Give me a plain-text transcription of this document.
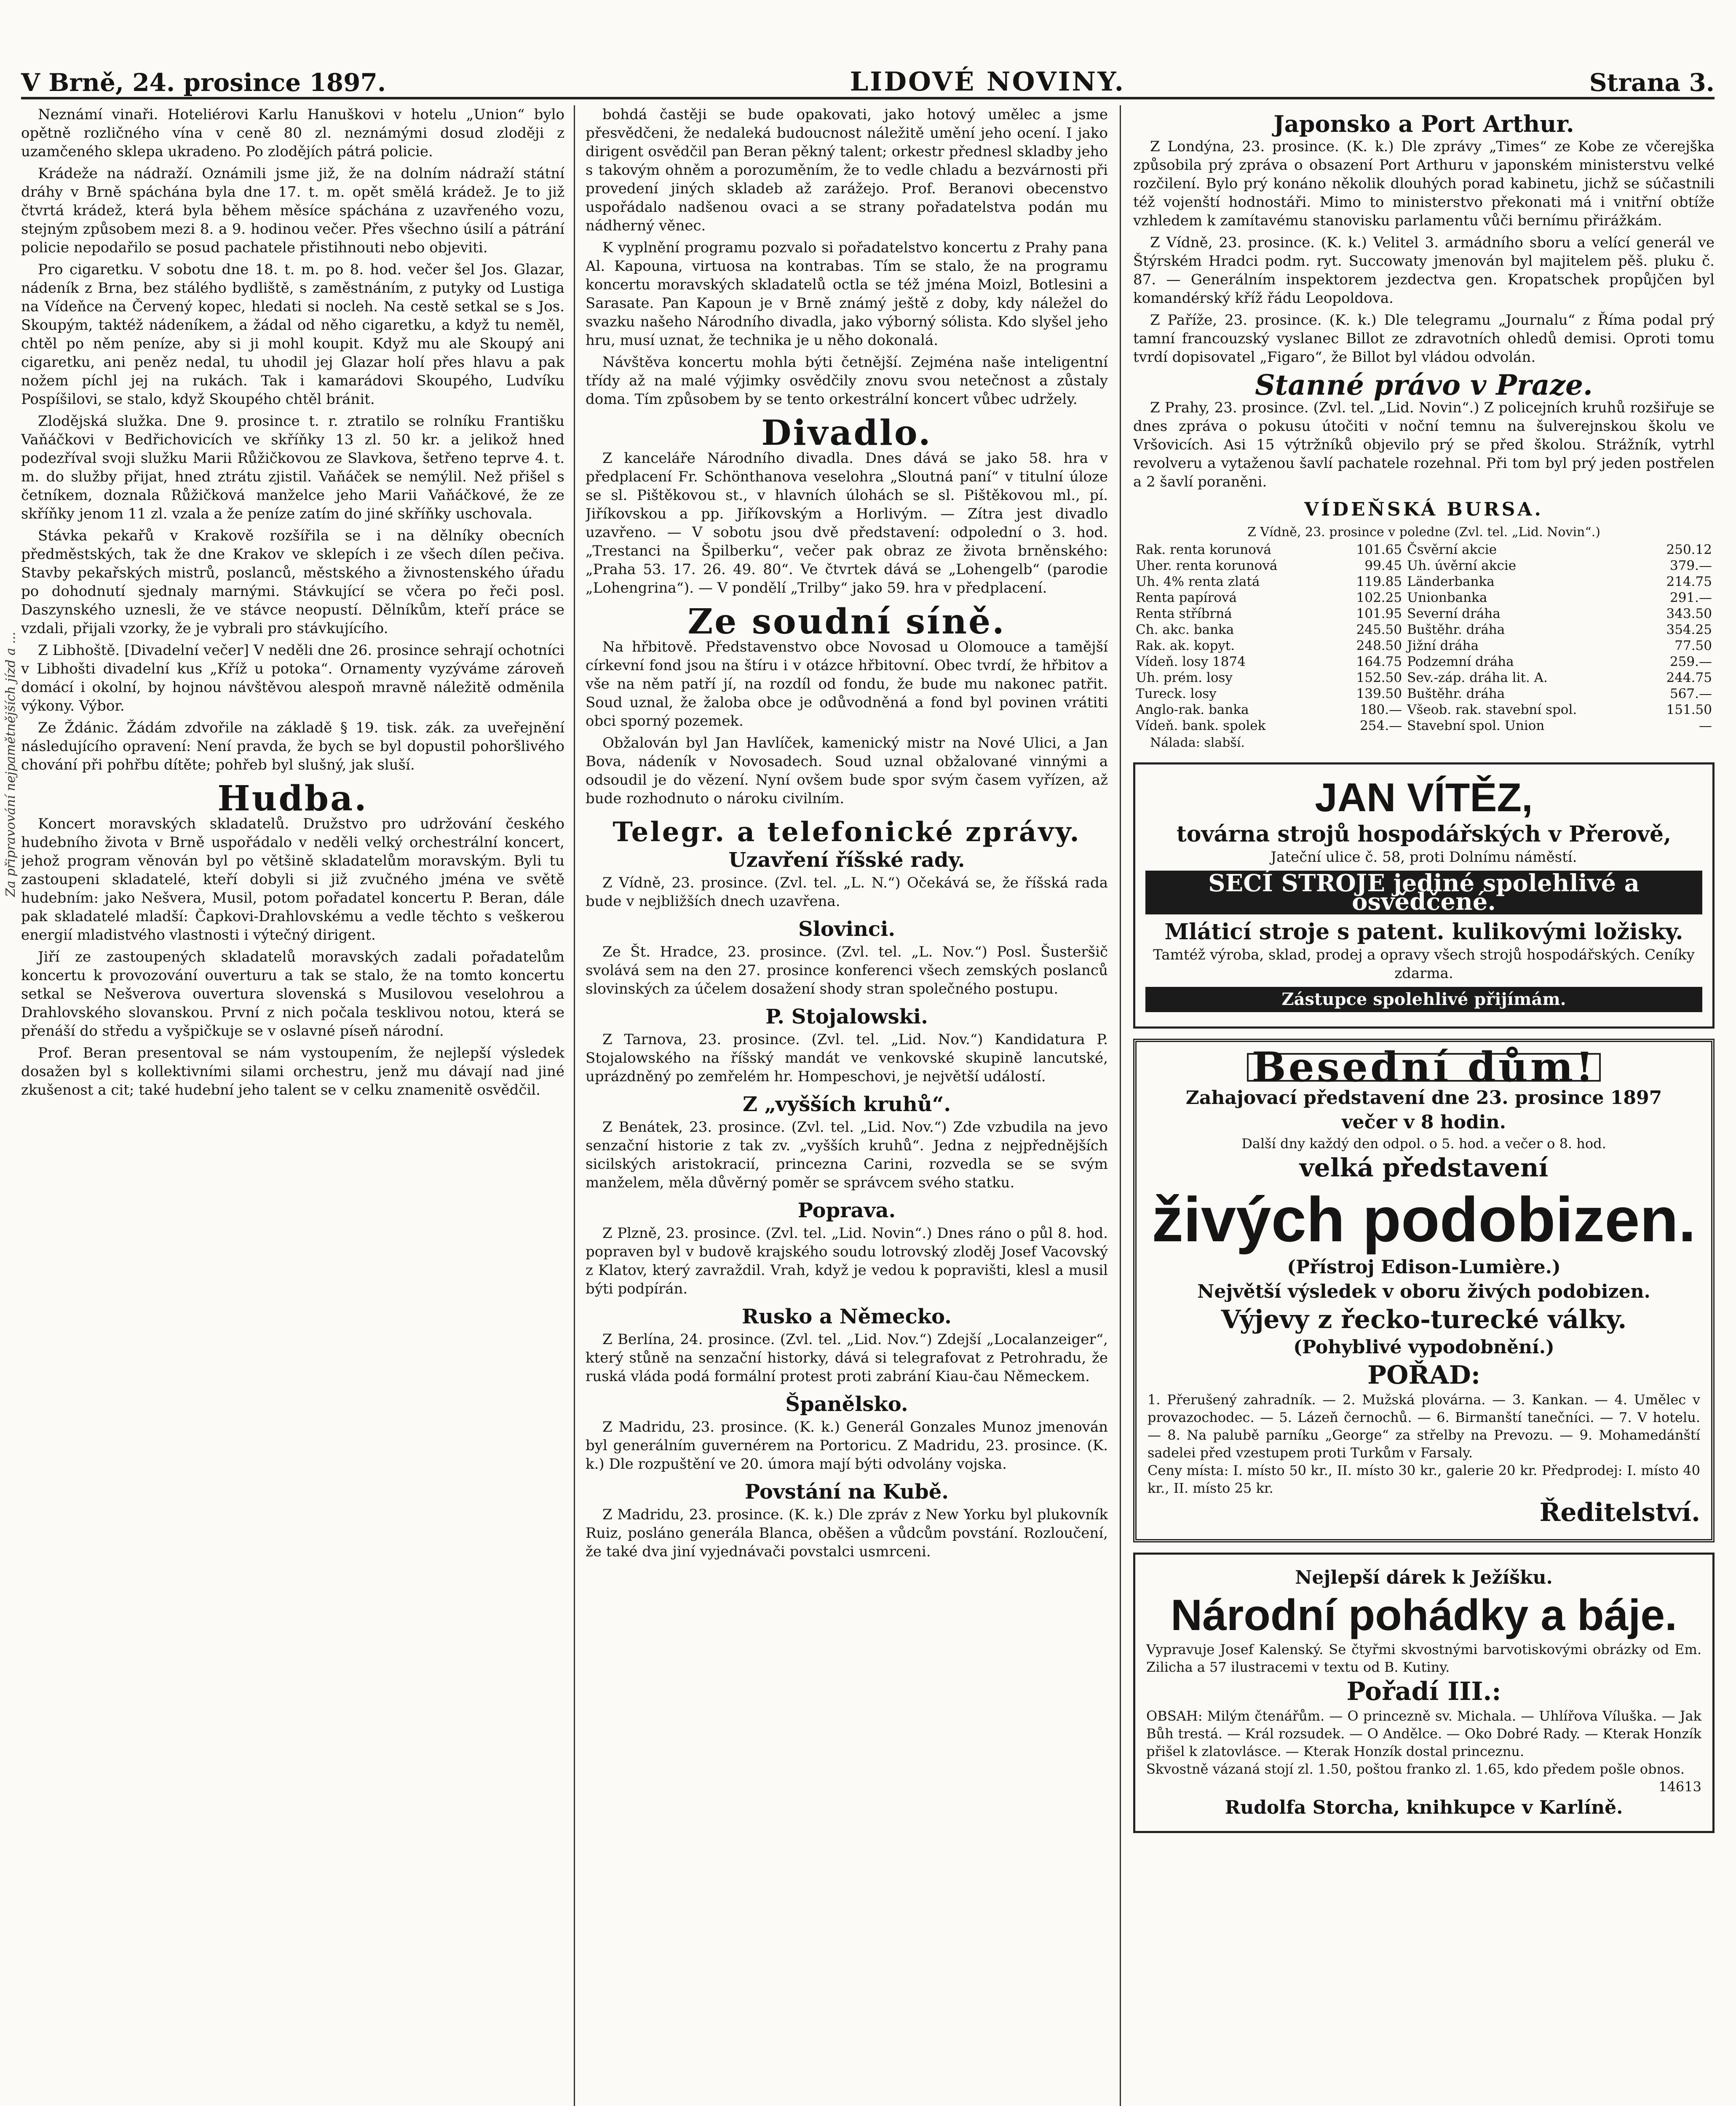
Za připravování nejpamětnějších jízd a ...
V Brně, 24. prosince 1897.	LIDOVÉ NOVINY.	Strana 3.

Neznámí vinaři. Hoteliérovi Karlu Hanuškovi v hotelu „Union“ bylo opětně rozličného vína v ceně 80 zl. neznámými dosud zloději z uzamčeného sklepa ukradeno. Po zlodějích pátrá policie.

Krádeže na nádraží. Oznámili jsme již, že na dolním nádraží státní dráhy v Brně spáchána byla dne 17. t. m. opět smělá krádež. Je to již čtvrtá krádež, která byla během měsíce spáchána z uzavřeného vozu, stejným způsobem mezi 8. a 9. hodinou večer. Přes všechno úsilí a pátrání policie nepodařilo se posud pachatele přistihnouti nebo objeviti.

Pro cigaretku. V sobotu dne 18. t. m. po 8. hod. večer šel Jos. Glazar, nádeník z Brna, bez stálého bydliště, s zaměstnáním, z putyky od Lustiga na Vídeňce na Červený kopec, hledati si nocleh. Na cestě setkal se s Jos. Skoupým, taktéž nádeníkem, a žádal od něho cigaretku, a když tu neměl, chtěl po něm peníze, aby si ji mohl koupit. Když mu ale Skoupý ani cigaretku, ani peněz nedal, tu uhodil jej Glazar holí přes hlavu a pak nožem píchl jej na rukách. Tak i kamarádovi Skoupého, Ludvíku Pospíšilovi, se stalo, když Skoupého chtěl bránit.

Zlodějská služka. Dne 9. prosince t. r. ztratilo se rolníku Františku Vaňáčkovi v Bedřichovicích ve skříňky 13 zl. 50 kr. a jelikož hned podezříval svoji služku Marii Růžičkovou ze Slavkova, šetřeno teprve 4. t. m. do služby přijat, hned ztrátu zjistil. Vaňáček se nemýlil. Než přišel s četníkem, doznala Růžičková manželce jeho Marii Vaňáčkové, že ze skříňky jenom 11 zl. vzala a že peníze zatím do jiné skříňky uschovala.

Stávka pekařů v Krakově rozšířila se i na dělníky obecních předměstských, tak že dne Krakov ve sklepích i ze všech dílen pečiva. Stavby pekařských mistrů, poslanců, městského a živnostenského úřadu po dohodnutí sjednaly marnými. Stávkující se včera po řeči posl. Daszynského uznesli, že ve stávce neopustí. Dělníkům, kteří práce se vzdali, přijali vzorky, že je vybrali pro stávkujícího.

Z Libhoště. [Divadelní večer] V neděli dne 26. prosince sehrají ochotníci v Libhošti divadelní kus „Kříž u potoka“. Ornamenty vyzýváme zároveň domácí i okolní, by hojnou návštěvou alespoň mravně náležitě odměnila výkony. Výbor.

Ze Ždánic. Žádám zdvořile na základě § 19. tisk. zák. za uveřejnění následujícího opravení: Není pravda, že bych se byl dopustil pohoršlivého chování při pohřbu dítěte; pohřeb byl slušný, jak sluší.

Hudba.

Koncert moravských skladatelů. Družstvo pro udržování českého hudebního života v Brně uspořádalo v neděli velký orchestrální koncert, jehož program věnován byl po většině skladatelům moravským. Byli tu zastoupeni skladatelé, kteří dobyli si již zvučného jména ve světě hudebním: jako Nešvera, Musil, potom pořadatel koncertu P. Beran, dále pak skladatelé mladší: Čapkovi-Drahlovskému a vedle těchto s veškerou energií mladistvého vlastnosti i výtečný dirigent.

Jiří ze zastoupených skladatelů moravských zadali pořadatelům koncertu k provozování ouverturu a tak se stalo, že na tomto koncertu setkal se Nešverova ouvertura slovenská s Musilovou veselohrou a Drahlovského slovanskou. První z nich počala tesklivou notou, která se přenáší do středu a vyšpičkuje se v oslavné píseň národní.

Prof. Beran presentoval se nám vystoupením, že nejlepší výsledek dosažen byl s kollektivními silami orchestru, jenž mu dávají nad jiné zkušenost a cit; také hudební jeho talent se v celku znamenitě osvědčil.

bohdá častěji se bude opakovati, jako hotový umělec a jsme přesvědčeni, že nedaleká budoucnost náležitě umění jeho ocení. I jako dirigent osvědčil pan Beran pěkný talent; orkestr přednesl skladby jeho s takovým ohněm a porozuměním, že to vedle chladu a bezvárnosti při provedení jiných skladeb až zarážejo. Prof. Beranovi obecenstvo uspořádalo nadšenou ovaci a se strany pořadatelstva podán mu nádherný věnec.

K vyplnění programu pozvalo si pořadatelstvo koncertu z Prahy pana Al. Kapouna, virtuosa na kontrabas. Tím se stalo, že na programu koncertu moravských skladatelů octla se též jména Moizl, Botlesini a Sarasate. Pan Kapoun je v Brně známý ještě z doby, kdy náležel do svazku našeho Národního divadla, jako výborný sólista. Kdo slyšel jeho hru, musí uznat, že technika je u něho dokonalá.

Návštěva koncertu mohla býti četnější. Zejména naše inteligentní třídy až na malé výjimky osvědčily znovu svou netečnost a zůstaly doma. Tím způsobem by se tento orkestrální koncert vůbec udržely.

Divadlo.

Z kanceláře Národního divadla. Dnes dává se jako 58. hra v předplacení Fr. Schönthanova veselohra „Sloutná paní“ v titulní úloze se sl. Pištěkovou st., v hlavních úlohách se sl. Pištěkovou ml., pí. Jiříkovskou a pp. Jiříkovským a Horlivým. — Zítra jest divadlo uzavřeno. — V sobotu jsou dvě představení: odpolední o 3. hod. „Trestanci na Špilberku“, večer pak obraz ze života brněnského: „Praha 53. 17. 26. 49. 80“. Ve čtvrtek dává se „Lohengelb“ (parodie „Lohengrina“). — V pondělí „Trilby“ jako 59. hra v předplacení.

Ze soudní síně.

Na hřbitově. Představenstvo obce Novosad u Olomouce a tamější církevní fond jsou na štíru i v otázce hřbitovní. Obec tvrdí, že hřbitov a vše na něm patří jí, na rozdíl od fondu, že bude mu nakonec patřit. Soud uznal, že žaloba obce je odůvodněná a fond byl povinen vrátiti obci sporný pozemek.

Obžalován byl Jan Havlíček, kamenický mistr na Nové Ulici, a Jan Bova, nádeník v Novosadech. Soud uznal obžalované vinnými a odsoudil je do vězení. Nyní ovšem bude spor svým časem vyřízen, až bude rozhodnuto o nároku civilním.

Telegr. a telefonické zprávy.
Uzavření říšské rady.

Z Vídně, 23. prosince. (Zvl. tel. „L. N.“) Očekává se, že říšská rada bude v nejbližších dnech uzavřena.

Slovinci.

Ze Št. Hradce, 23. prosince. (Zvl. tel. „L. Nov.“) Posl. Šusteršič svolává sem na den 27. prosince konferenci všech zemských poslanců slovinských za účelem dosažení shody stran společného postupu.

P. Stojalowski.

Z Tarnova, 23. prosince. (Zvl. tel. „Lid. Nov.“) Kandidatura P. Stojalowského na říšský mandát ve venkovské skupině lancutské, uprázdněný po zemřelém hr. Hompeschovi, je největší událostí.

Z „vyšších kruhů“.

Z Benátek, 23. prosince. (Zvl. tel. „Lid. Nov.“) Zde vzbudila na jevo senzační historie z tak zv. „vyšších kruhů“. Jedna z nejpřednějších sicilských aristokracií, princezna Carini, rozvedla se se svým manželem, měla důvěrný poměr se správcem svého statku.

Poprava.

Z Plzně, 23. prosince. (Zvl. tel. „Lid. Novin“.) Dnes ráno o půl 8. hod. popraven byl v budově krajského soudu lotrovský zloděj Josef Vacovský z Klatov, který zavraždil. Vrah, když je vedou k popravišti, klesl a musil býti podpírán.

Rusko a Německo.

Z Berlína, 24. prosince. (Zvl. tel. „Lid. Nov.“) Zdejší „Localanzeiger“, který stůně na senzační historky, dává si telegrafovat z Petrohradu, že ruská vláda podá formální protest proti zabrání Kiau-čau Německem.

Španělsko.

Z Madridu, 23. prosince. (K. k.) Generál Gonzales Munoz jmenován byl generálním guvernérem na Portoricu. Z Madridu, 23. prosince. (K. k.) Dle rozpuštění ve 20. úmora mají býti odvolány vojska.

Povstání na Kubě.

Z Madridu, 23. prosince. (K. k.) Dle zpráv z New Yorku byl plukovník Ruiz, posláno generála Blanca, oběšen a vůdcům povstání. Rozloučení, že také dva jiní vyjednávači povstalci usmrceni.

Japonsko a Port Arthur.

Z Londýna, 23. prosince. (K. k.) Dle zprávy „Times“ ze Kobe ze včerejška způsobila prý zpráva o obsazení Port Arthuru v japonském ministerstvu velké rozčilení. Bylo prý konáno několik dlouhých porad kabinetu, jichž se súčastnili též vojenští hodnostáři. Mimo to ministerstvo překonati má i vnitřní obtíže vzhledem k zamítavému stanovisku parlamentu vůči bernímu přirážkám.

Z Vídně, 23. prosince. (K. k.) Velitel 3. armádního sboru a velící generál ve Štýrském Hradci podm. ryt. Succowaty jmenován byl majitelem pěš. pluku č. 87. — Generálním inspektorem jezdectva gen. Kropatschek propůjčen byl komandérský kříž řádu Leopoldova.

Z Paříže, 23. prosince. (K. k.) Dle telegramu „Journalu“ z Říma podal prý tamní francouzský vyslanec Billot ze zdravotních ohledů demisi. Oproti tomu tvrdí dopisovatel „Figaro“, že Billot byl vládou odvolán.

Stanné právo v Praze.

Z Prahy, 23. prosince. (Zvl. tel. „Lid. Novin“.) Z policejních kruhů rozšiřuje se dnes zpráva o pokusu útočiti v noční temnu na šulverejnskou školu ve Vršovicích. Asi 15 výtržníků objevilo prý se před školou. Strážník, vytrhl revolveru a vytaženou šavlí pachatele rozehnal. Při tom byl prý jeden postřelen a 2 šavlí poraněni.

VÍDEŇSKÁ BURSA.
Z Vídně, 23. prosince v poledne (Zvl. tel. „Lid. Novin“.)
Rak. renta korunová	101.65	Čsvěrní akcie	250.12
Uher. renta korunová	99.45	Uh. úvěrní akcie	379.—
Uh. 4% renta zlatá	119.85	Länderbanka	214.75
Renta papírová	102.25	Unionbanka	291.—
Renta stříbrná	101.95	Severní dráha	343.50
Ch. akc. banka	245.50	Buštěhr. dráha	354.25
Rak. ak. kopyt.	248.50	Jižní dráha	77.50
Vídeň. losy 1874	164.75	Podzemní dráha	259.—
Uh. prém. losy	152.50	Sev.-záp. dráha lit. A.	244.75
Tureck. losy	139.50	Buštěhr. dráha	567.—
Anglo-rak. banka	180.—	Všeob. rak. stavební spol.	151.50
Vídeň. bank. spolek	254.—	Stavební spol. Union	—
Nálada: slabší.
JAN VÍTĚZ,
továrna strojů hospodářských v Přerově,
Jateční ulice č. 58, proti Dolnímu náměstí.
SECÍ STROJE jediné spolehlivé a osvědčené.
Mláticí stroje s patent. kulikovými ložisky.
Tamtéž výroba, sklad, prodej a opravy všech strojů hospodářských. Ceníky zdarma.
Zástupce spolehlivé přijímám.
Besední dům!
Zahajovací představení dne 23. prosince 1897
večer v 8 hodin.
Další dny každý den odpol. o 5. hod. a večer o 8. hod.
velká představení
živých podobizen.
(Přístroj Edison-Lumière.)
Největší výsledek v oboru živých podobizen.
Výjevy z řecko-turecké války.
(Pohyblivé vypodobnění.)
POŘAD:
1. Přerušený zahradník. — 2. Mužská plovárna. — 3. Kankan. — 4. Umělec v provazochodec. — 5. Lázeň černochů. — 6. Birmanští tanečníci. — 7. V hotelu. — 8. Na palubě parníku „George“ za střelby na Prevozu. — 9. Mohamedánští sadelei před vzestupem proti Turkům v Farsaly.
Ceny místa: I. místo 50 kr., II. místo 30 kr., galerie 20 kr. Předprodej: I. místo 40 kr., II. místo 25 kr.
Ředitelství.
Nejlepší dárek k Ježíšku.
Národní pohádky a báje.
Vypravuje Josef Kalenský. Se čtyřmi skvostnými barvotiskovými obrázky od Em. Zilicha a 57 ilustracemi v textu od B. Kutiny.
Pořadí III.:
OBSAH: Milým čtenářům. — O princezně sv. Michala. — Uhlířova Víluška. — Jak Bůh trestá. — Král rozsudek. — O Andělce. — Oko Dobré Rady. — Kterak Honzík přišel k zlatovlásce. — Kterak Honzík dostal princeznu.
Skvostně vázaná stojí zl. 1.50, poštou franko zl. 1.65, kdo předem pošle obnos.
14613
Rudolfa Storcha, knihkupce v Karlíně.
